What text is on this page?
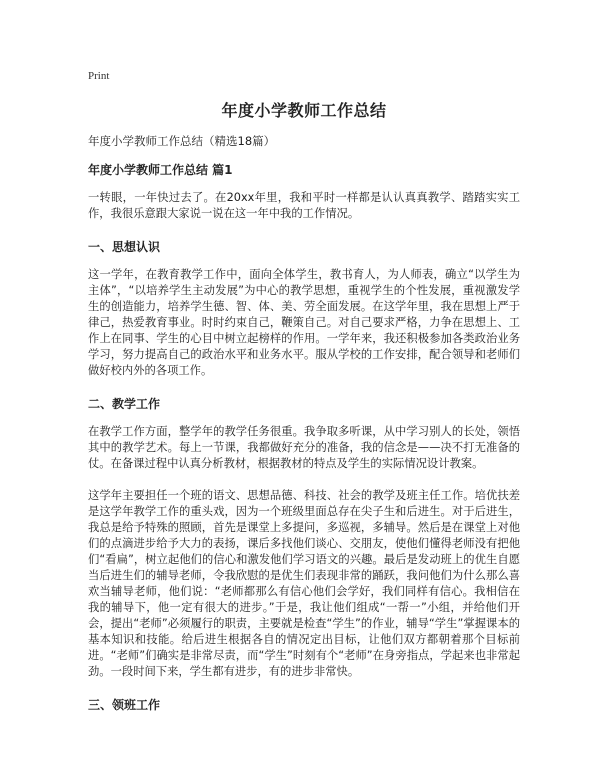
Print
年度小学教师工作总结
年度小学教师工作总结（精选18篇）
年度小学教师工作总结 篇1

一转眼，一年快过去了。在20xx年里，我和平时一样都是认认真真教学、踏踏实实工作，我很乐意跟大家说一说在这一年中我的工作情况。

一、思想认识

这一学年，在教育教学工作中，面向全体学生，教书育人，为人师表，确立“以学生为主体”，“以培养学生主动发展”为中心的教学思想，重视学生的个性发展，重视激发学生的创造能力，培养学生德、智、体、美、劳全面发展。在这学年里，我在思想上严于律己，热爱教育事业。时时约束自己，鞭策自己。对自己要求严格，力争在思想上、工作上在同事、学生的心目中树立起榜样的作用。一学年来，我还积极参加各类政治业务学习，努力提高自己的政治水平和业务水平。服从学校的工作安排，配合领导和老师们做好校内外的各项工作。

二、教学工作

在教学工作方面，整学年的教学任务很重。我争取多听课，从中学习别人的长处，领悟其中的教学艺术。每上一节课，我都做好充分的准备，我的信念是——决不打无准备的仗。在备课过程中认真分析教材，根据教材的特点及学生的实际情况设计教案。

这学年主要担任一个班的语文、思想品德、科技、社会的教学及班主任工作。培优扶差是这学年教学工作的重头戏，因为一个班级里面总存在尖子生和后进生。对于后进生，我总是给予特殊的照顾，首先是课堂上多提问，多巡视，多辅导。然后是在课堂上对他们的点滴进步给予大力的表扬，课后多找他们谈心、交朋友，使他们懂得老师没有把他们“看扁”，树立起他们的信心和激发他们学习语文的兴趣。最后是发动班上的优生自愿当后进生们的辅导老师，令我欣慰的是优生们表现非常的踊跃，我问他们为什么那么喜欢当辅导老师，他们说：“老师都那么有信心他们会学好，我们同样有信心。我相信在我的辅导下，他一定有很大的进步。”于是，我让他们组成“一帮一”小组，并给他们开会，提出“老师”必须履行的职责，主要就是检查“学生”的作业，辅导“学生”掌握课本的基本知识和技能。给后进生根据各自的情况定出目标，让他们双方都朝着那个目标前进。“老师”们确实是非常尽责，而“学生”时刻有个“老师”在身旁指点，学起来也非常起劲。一段时间下来，学生都有进步，有的进步非常快。

三、领班工作
